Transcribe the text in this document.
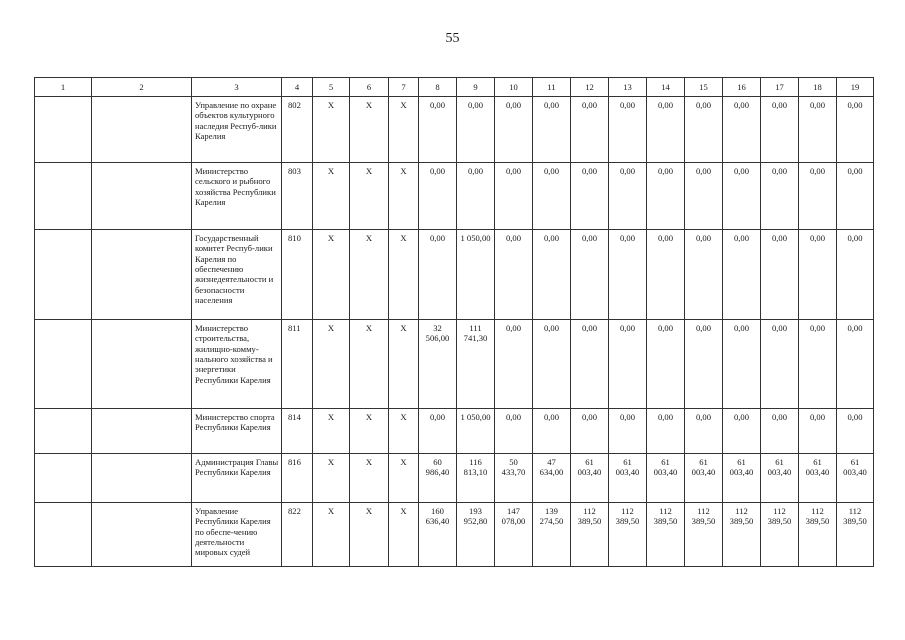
55
1	2	3	4	5	6	7	8	9	10	11	12	13	14	15	16	17	18	19
		Управление по охране объектов культурного наследия Респуб-лики Карелия	802	Х	Х	Х	0,00	0,00	0,00	0,00	0,00	0,00	0,00	0,00	0,00	0,00	0,00	0,00
		Министерство сельского и рыбного хозяйства Республики Карелия	803	Х	Х	Х	0,00	0,00	0,00	0,00	0,00	0,00	0,00	0,00	0,00	0,00	0,00	0,00
		Государственный комитет Респуб-лики Карелия по обеспечению жизнедеятельности и безопасности населения	810	Х	Х	Х	0,00	1 050,00	0,00	0,00	0,00	0,00	0,00	0,00	0,00	0,00	0,00	0,00
		Министерство строительства, жилищно-комму-нального хозяйства и энергетики Республики Карелия	811	Х	Х	Х	32 506,00	111 741,30	0,00	0,00	0,00	0,00	0,00	0,00	0,00	0,00	0,00	0,00
		Министерство спорта Республики Карелия	814	Х	Х	Х	0,00	1 050,00	0,00	0,00	0,00	0,00	0,00	0,00	0,00	0,00	0,00	0,00
		Администрация Главы Республики Карелия	816	Х	Х	Х	60 986,40	116 813,10	50 433,70	47 634,00	61 003,40	61 003,40	61 003,40	61 003,40	61 003,40	61 003,40	61 003,40	61 003,40
		Управление Республики Карелия по обеспе-чению деятельности мировых судей	822	Х	Х	Х	160 636,40	193 952,80	147 078,00	139 274,50	112 389,50	112 389,50	112 389,50	112 389,50	112 389,50	112 389,50	112 389,50	112 389,50
